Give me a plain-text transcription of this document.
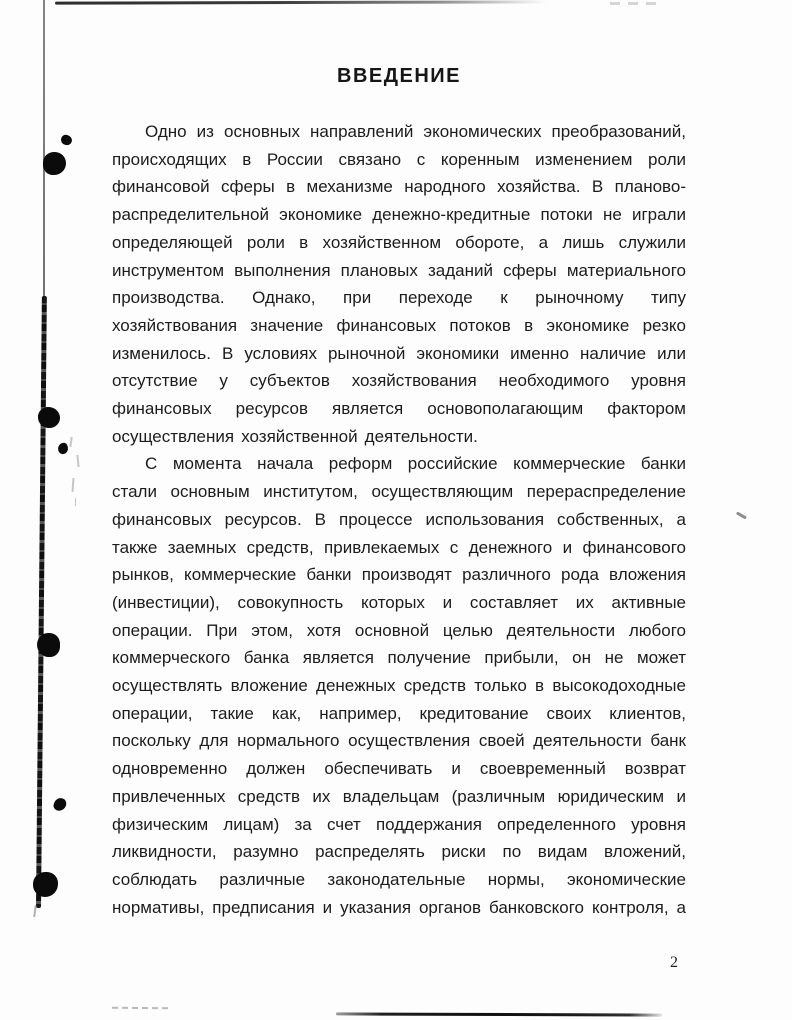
ВВЕДЕНИЕ

Одно из основных направлений экономических преобразований, происходящих в России связано с коренным изменением роли финансовой сферы в механизме народного хозяйства. В планово-распределительной экономике денежно-кредитные потоки не играли определяющей роли в хозяйственном обороте, а лишь служили инструментом выполнения плановых заданий сферы материального производства. Однако, при переходе к рыночному типу хозяйствования значение финансовых потоков в экономике резко изменилось. В условиях рыночной экономики именно наличие или отсутствие у субъектов хозяйствования необходимого уровня финансовых ресурсов является основополагающим фактором осуществления хозяйственной деятельности.

С момента начала реформ российские коммерческие банки стали основным институтом, осуществляющим перераспределение финансовых ресурсов. В процессе использования собственных, а также заемных средств, привлекаемых с денежного и финансового рынков, коммерческие банки производят различного рода вложения (инвестиции), совокупность которых и составляет их активные операции. При этом, хотя основной целью деятельности любого коммерческого банка является получение прибыли, он не может осуществлять вложение денежных средств только в высокодоходные операции, такие как, например, кредитование своих клиентов, поскольку для нормального осуществления своей деятельности банк одновременно должен обеспечивать и своевременный возврат привлеченных средств их владельцам (различным юридическим и физическим лицам) за счет поддержания определенного уровня ликвидности, разумно распределять риски по видам вложений, соблюдать различные законодательные нормы, экономические нормативы, предписания и указания органов банковского контроля, а

2
